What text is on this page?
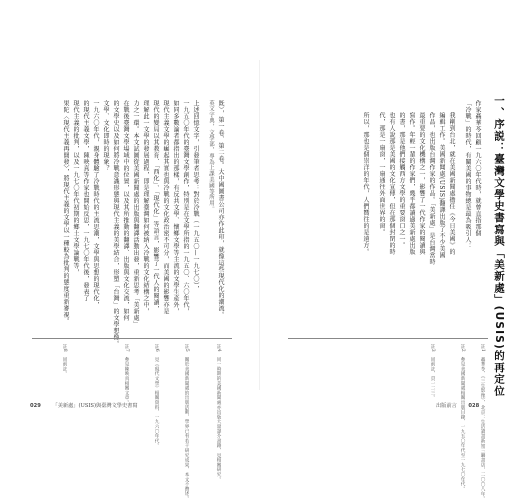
既〉，第一卷、第二卷。大中國圖書公司亦作此印，就像這些現代化的潮流。
英文字典，文學部，專為上課美國等所用。
上述回憶文字，引發筆者思考：對於冷戰（一九五〇—一九七〇），
一九五〇年代的臺灣文學創作，特別是在文學所指的一九五〇、六〇年代，
如同多數論者都指出的那樣，有反共文學、懷鄉文學等主流的文學生產外，
現代主義文學的崛起其實也與冷戰的文化政治密不可分，而美國的影響亦是
現代的變局以其教育、「西化」、「現代化」等語言，影響了一代人的閱讀，
理解此一文學的發展過程，即是理解臺灣如何被納入冷戰的文化結構之中，
力之一環。本文試圖從美國新聞處的出版與翻譯活動出發，重新思考「美新處」
在戰後臺灣文學場域中的位置，以及其所推動的翻譯、出版與文化交流，如何
的文學史以及如何將冷戰意識形態與現代主義的美學結合，形塑「台灣」的文學想像。
文學、文化即時的現象？
一九六〇年代，親身體驗了冷戰時代的主流思潮，文學與思想的現代化，
的現代主義文學，陳映真等作家也開始反思，一九七〇年代後，發表了
現代主義的批判，以及一九七〇年代初期的鄉土文學論戰等，
果陀〈現代主義再開發〉，將現代主義的文學以一種較為批判的態度重新審視。
註4　同一時期的美國新聞處亦出版大量譯介書籍，見相關研究。
註5　關於美國新聞處的出版活動，學界已有若干研究成果，本文不贅述。
註6　見《現代文學》相關資料，一九六〇年代。
註7　參見陳映真相關文章。
註8　同前註。
029 「美新處」(USIS)與臺灣文學史書寫
一、序説：臺灣文學史書寫與「美新處」(USIS)的再定位
作家聶華苓回顧一九六〇年代時，就曾直指那個
「冷戰」的時代，有關美國的事物總是最為吸引人：
我剛到台北，就在美國新聞處擔任《今日美國》的
編輯工作。美國新聞處(USIS)翻譯出版了不少美國
作品，也出版台灣作家的作品。「美新處」是台灣當時
最重要的文化機構之一，影響了一代作家的閱讀與
寫作。年輕一輩的作家們，幾乎都讀過美新處出版
的書，那是他們接觸西方文學的重要窗口之一。
也有人說那是美國的文化宣傳，但在那個封閉的時
代，那是一扇窗，一扇通往外面世界的窗。
所以，那也是個崇洋的年代，人們嚮往的是遠方。
註1　聶華苓，《三生影像》，北京：生活讀書新知三聯書店，二〇〇八年。
註2　參見美國新聞處相關出版目錄，一九五〇年代至一九七〇年代。
註3　同前註，頁一二三。
出版前言 028
